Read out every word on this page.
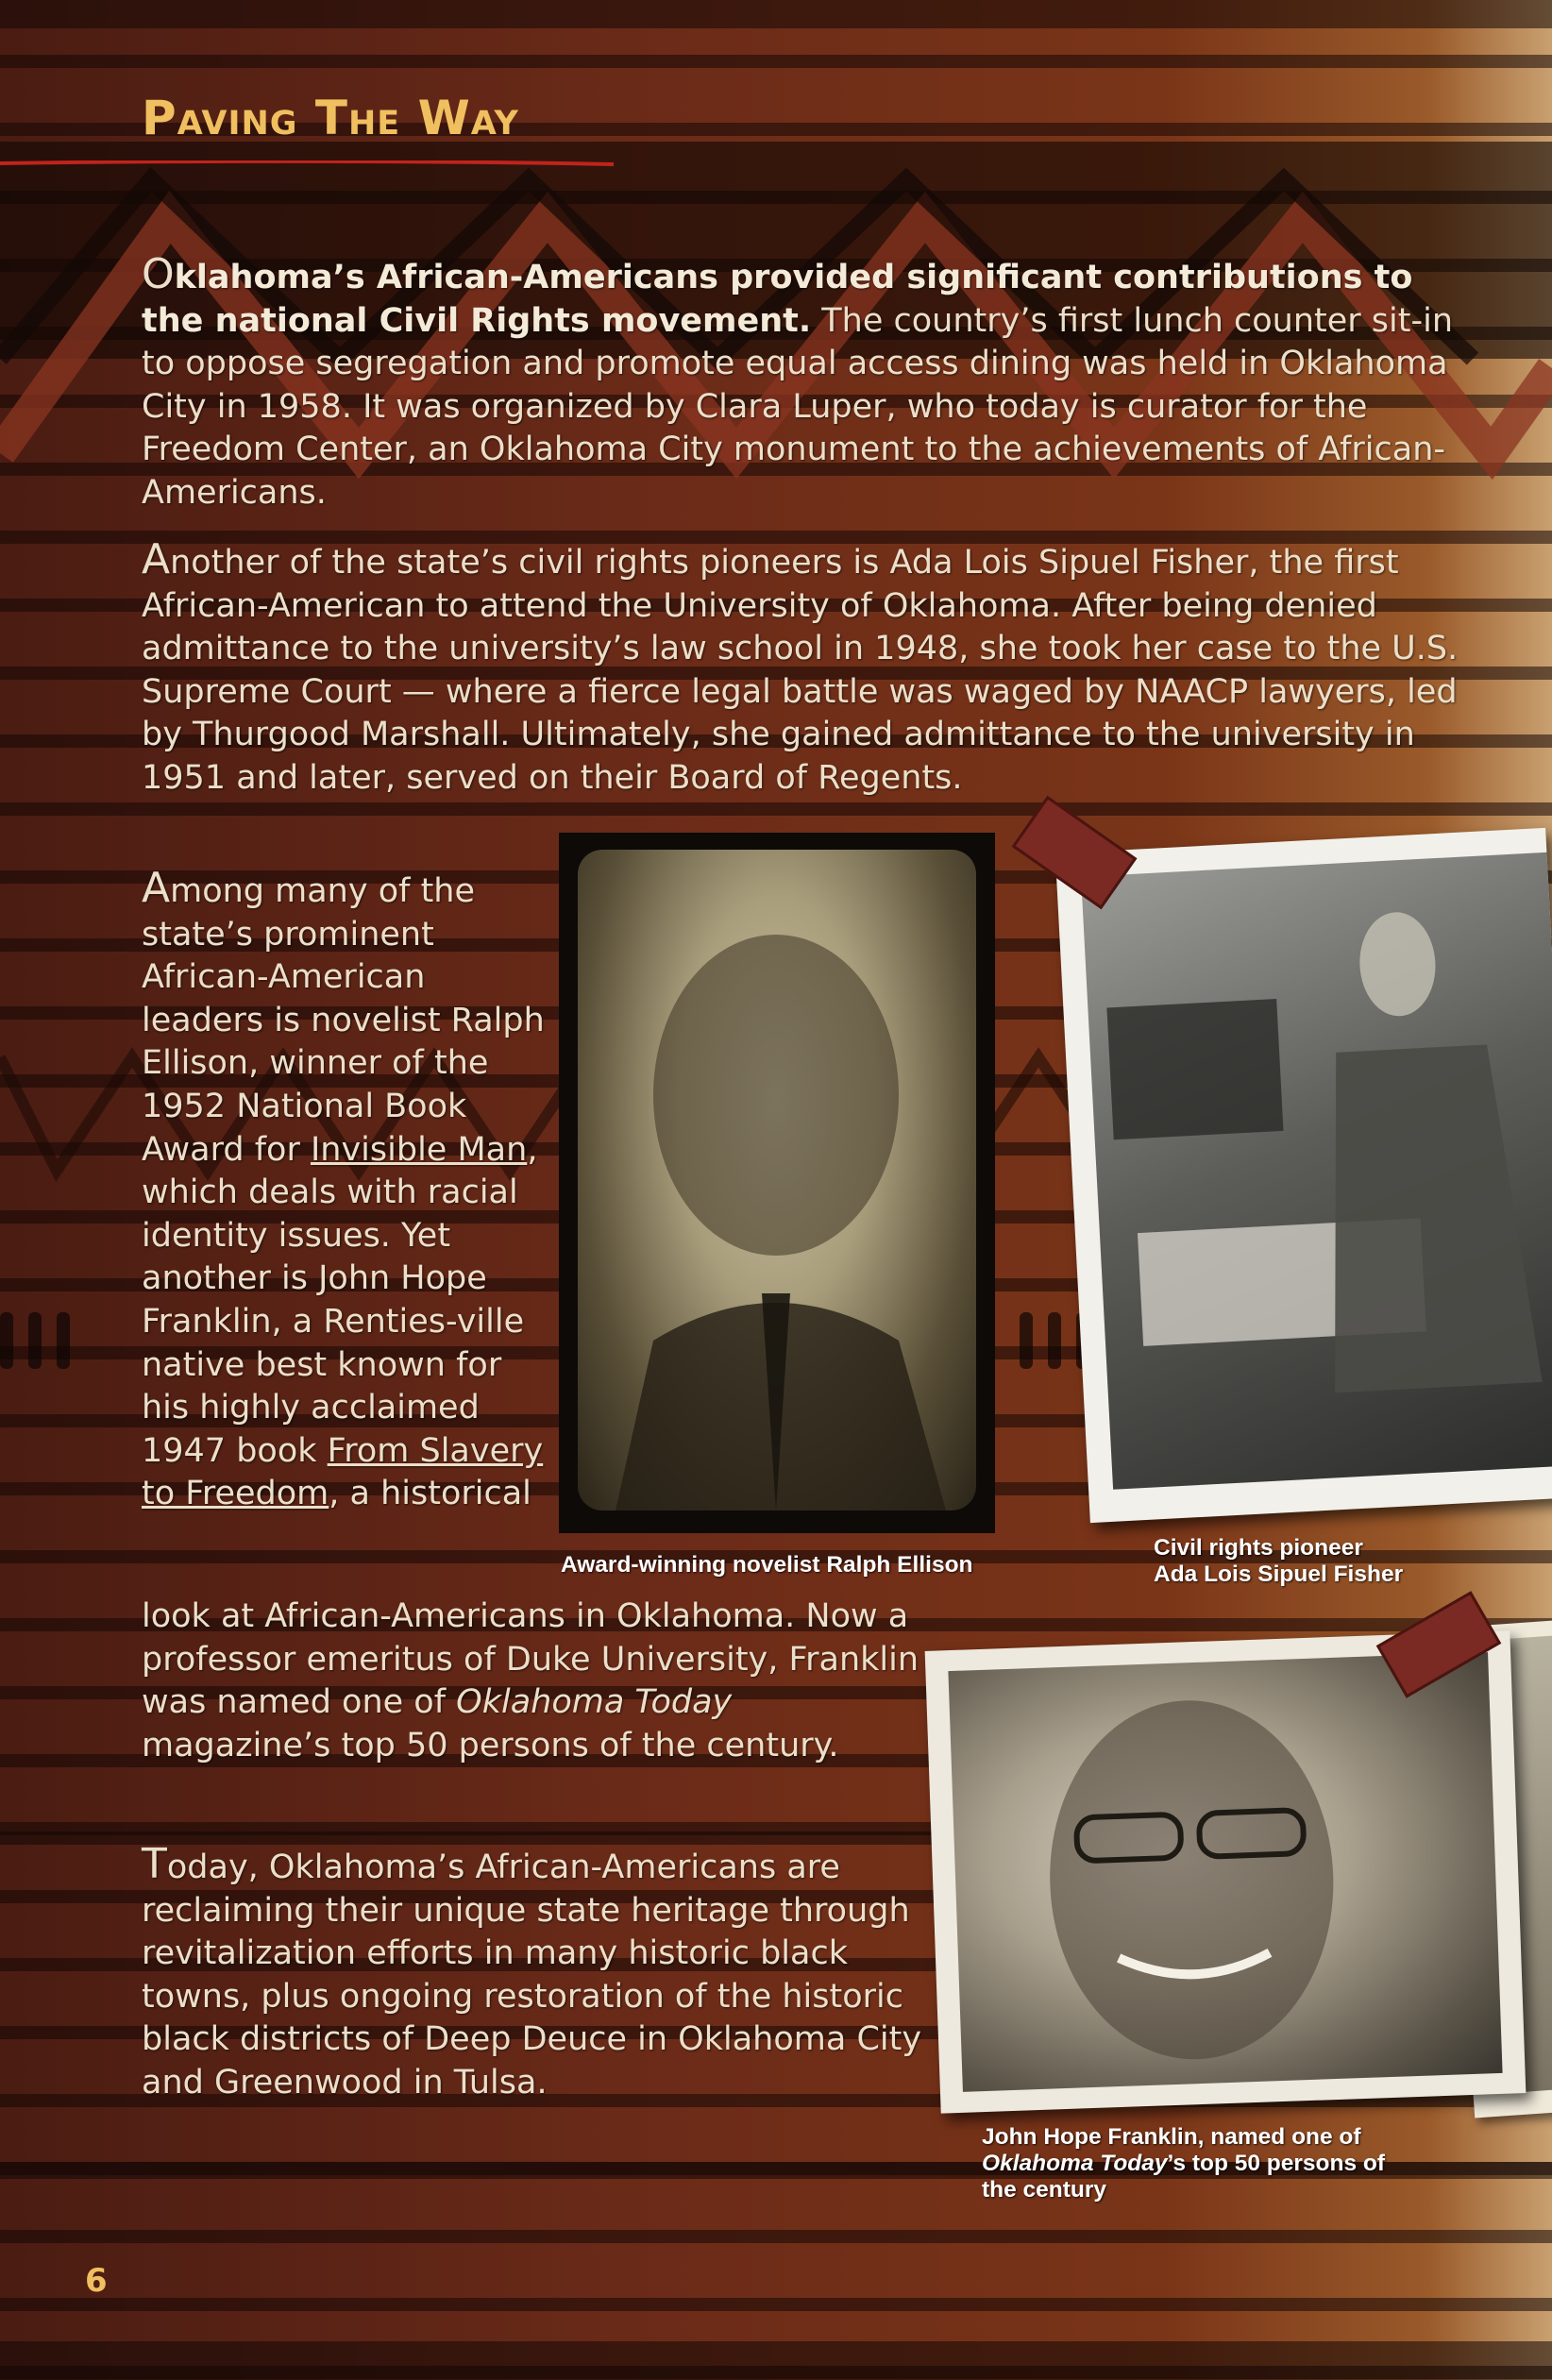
Paving The Way
Oklahoma’s African-Americans provided significant contributions to the national Civil Rights movement. The country’s first lunch counter sit-in to oppose segregation and promote equal access dining was held in Oklahoma City in 1958. It was organized by Clara Luper, who today is curator for the Freedom Center, an Oklahoma City monument to the achievements of African-Americans.
Another of the state’s civil rights pioneers is Ada Lois Sipuel Fisher, the first African-American to attend the University of Oklahoma. After being denied admittance to the university’s law school in 1948, she took her case to the U.S. Supreme Court — where a fierce legal battle was waged by NAACP lawyers, led by Thurgood Marshall. Ultimately, she gained admittance to the university in 1951 and later, served on their Board of Regents.
Among many of the state’s prominent African-American leaders is novelist Ralph Ellison, winner of the 1952 National Book Award for Invisible Man, which deals with racial identity issues. Yet another is John Hope Franklin, a Renties-ville native best known for his highly acclaimed 1947 book From Slavery to Freedom, a historical
look at African-Americans in Oklahoma. Now a professor emeritus of Duke University, Franklin was named one of Oklahoma Today magazine’s top 50 persons of the century.
Today, Oklahoma’s African-Americans are reclaiming their unique state heritage through revitalization efforts in many historic black towns, plus ongoing restoration of the historic black districts of Deep Deuce in Oklahoma City and Greenwood in Tulsa.
Award-winning novelist Ralph Ellison
Civil rights pioneer
Ada Lois Sipuel Fisher
John Hope Franklin, named one of Oklahoma Today’s top 50 persons of the century
6
